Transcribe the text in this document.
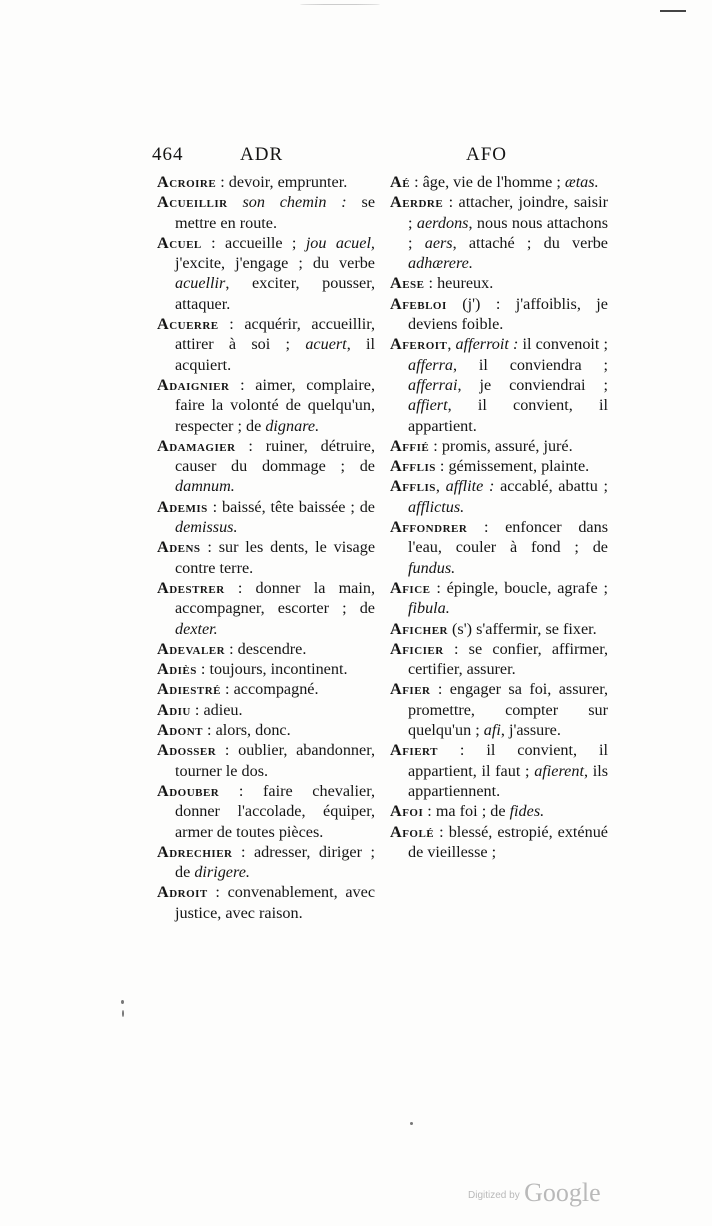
464	ADR	AFO

Acroire : devoir, emprunter.

Acueillir son chemin : se mettre en route.

Acuel : accueille ; jou acuel, j'excite, j'engage ; du verbe acuellir, exciter, pousser, attaquer.

Acuerre : acquérir, accueillir, attirer à soi ; acuert, il acquiert.

Adaignier : aimer, complaire, faire la volonté de quelqu'un, respecter ; de dignare.

Adamagier : ruiner, détruire, causer du dommage ; de damnum.

Ademis : baissé, tête baissée ; de demissus.

Adens : sur les dents, le visage contre terre.

Adestrer : donner la main, accompagner, escorter ; de dexter.

Adevaler : descendre.

Adiès : toujours, incontinent.

Adiestré : accompagné.

Adiu : adieu.

Adont : alors, donc.

Adosser : oublier, abandonner, tourner le dos.

Adouber : faire chevalier, donner l'accolade, équiper, armer de toutes pièces.

Adrechier : adresser, diriger ; de dirigere.

Adroit : convenablement, avec justice, avec raison.

Aé : âge, vie de l'homme ; ætas.

Aerdre : attacher, joindre, saisir ; aerdons, nous nous attachons ; aers, attaché ; du verbe adhærere.

Aese : heureux.

Afebloi (j') : j'affoiblis, je deviens foible.

Aferoit, afferroit : il convenoit ; afferra, il conviendra ; afferrai, je conviendrai ; affiert, il convient, il appartient.

Affié : promis, assuré, juré.

Afflis : gémissement, plainte.

Afflis, afflite : accablé, abattu ; afflictus.

Affondrer : enfoncer dans l'eau, couler à fond ; de fundus.

Afice : épingle, boucle, agrafe ; fibula.

Aficher (s') s'affermir, se fixer.

Aficier : se confier, affirmer, certifier, assurer.

Afier : engager sa foi, assurer, promettre, compter sur quelqu'un ; afi, j'assure.

Afiert : il convient, il appartient, il faut ; afierent, ils appartiennent.

Afoi : ma foi ; de fides.

Afolé : blessé, estropié, exténué de vieillesse ;

Digitized by Google
